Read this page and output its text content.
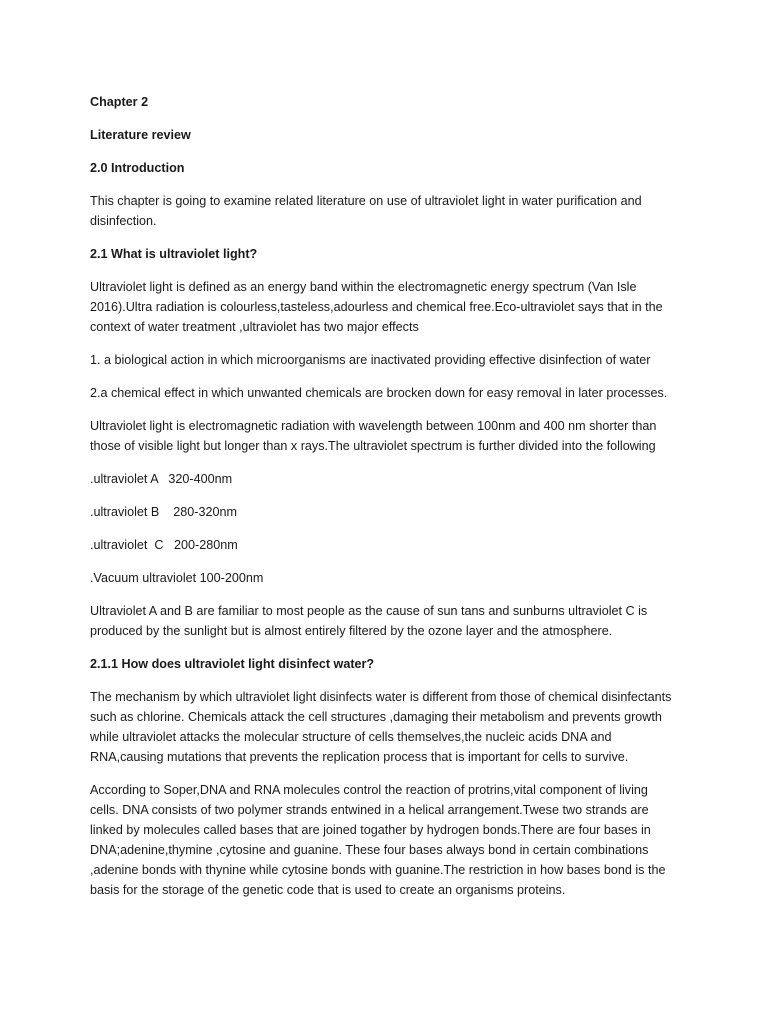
Chapter 2

Literature review

2.0 Introduction

This chapter is going to examine related literature on use of ultraviolet light in water purification and disinfection.

2.1 What is ultraviolet light?

Ultraviolet light is defined as an energy band within the electromagnetic energy spectrum (Van Isle 2016).Ultra radiation is colourless,tasteless,adourless and chemical free.Eco-ultraviolet says that in the context of water treatment ,ultraviolet has two major effects

1. a biological action in which microorganisms are inactivated providing effective disinfection of water

2.a chemical effect in which unwanted chemicals are brocken down for easy removal in later processes.

Ultraviolet light is electromagnetic radiation with wavelength between 100nm and 400 nm shorter than those of visible light but longer than x rays.The ultraviolet spectrum is further divided into the following

.ultraviolet A   320-400nm

.ultraviolet B    280-320nm

.ultraviolet  C   200-280nm

.Vacuum ultraviolet 100-200nm

Ultraviolet A and B are familiar to most people as the cause of sun tans and sunburns ultraviolet C is produced by the sunlight but is almost entirely filtered by the ozone layer and the atmosphere.

2.1.1 How does ultraviolet light disinfect water?

The mechanism by which ultraviolet light disinfects water is different from those of chemical disinfectants such as chlorine. Chemicals attack the cell structures ,damaging their metabolism and prevents growth while ultraviolet attacks the molecular structure of cells themselves,the nucleic acids DNA and RNA,causing mutations that prevents the replication process that is important for cells to survive.

According to Soper,DNA and RNA molecules control the reaction of protrins,vital component of living cells. DNA consists of two polymer strands entwined in a helical arrangement.Twese two strands are linked by molecules called bases that are joined togather by hydrogen bonds.There are four bases in DNA;adenine,thymine ,cytosine and guanine. These four bases always bond in certain combinations ,adenine bonds with thynine while cytosine bonds with guanine.The restriction in how bases bond is the basis for the storage of the genetic code that is used to create an organisms proteins.
